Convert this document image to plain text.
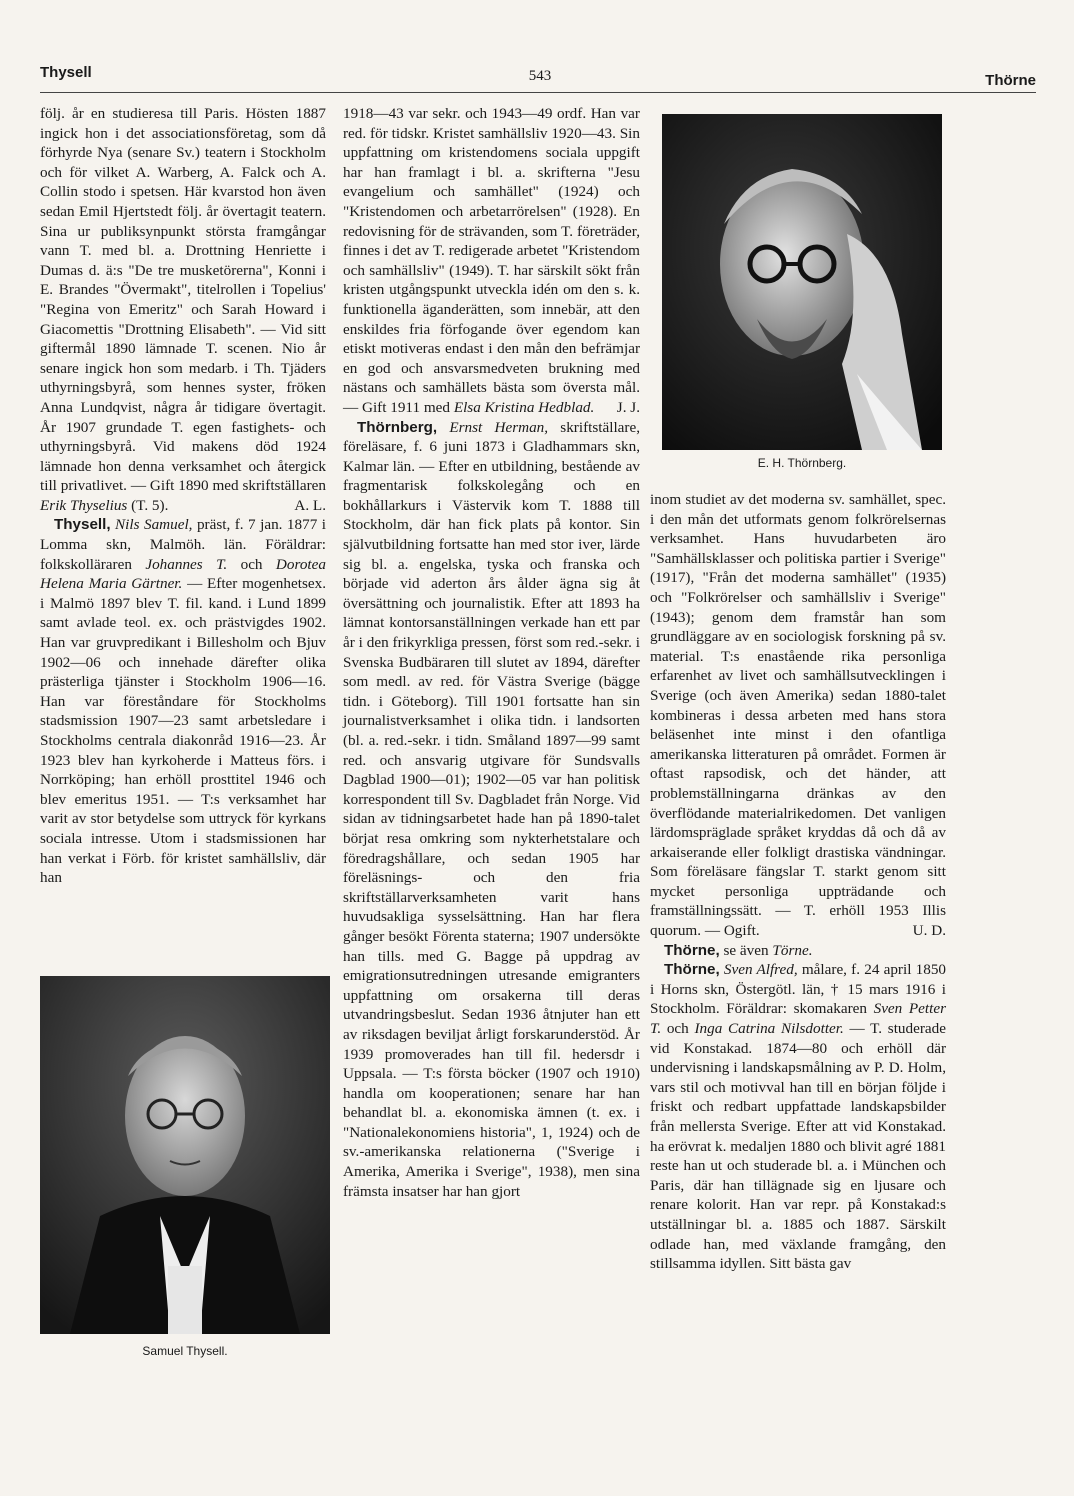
Thysell	543	Thörne

följ. år en studieresa till Paris. Hösten 1887 ingick hon i det associationsföretag, som då förhyrde Nya (senare Sv.) teatern i Stockholm och för vilket A. Warberg, A. Falck och A. Collin stodo i spetsen. Här kvarstod hon även sedan Emil Hjertstedt följ. år övertagit teatern. Sina ur publiksynpunkt största framgångar vann T. med bl. a. Drottning Henriette i Dumas d. ä:s "De tre musketörerna", Konni i E. Brandes "Övermakt", titelrollen i Topelius' "Regina von Emeritz" och Sarah Howard i Giacomettis "Drottning Elisabeth". — Vid sitt giftermål 1890 lämnade T. scenen. Nio år senare ingick hon som medarb. i Th. Tjäders uthyrningsbyrå, som hennes syster, fröken Anna Lundqvist, några år tidigare övertagit. År 1907 grundade T. egen fastighets- och uthyrningsbyrå. Vid makens död 1924 lämnade hon denna verksamhet och återgick till privatlivet. — Gift 1890 med skriftställaren Erik Thyselius (T. 5).	A. L.

Thysell, Nils Samuel, präst, f. 7 jan. 1877 i Lomma skn, Malmöh. län. Föräldrar: folkskolläraren Johannes T. och Dorotea Helena Maria Gärtner. — Efter mogenhetsex. i Malmö 1897 blev T. fil. kand. i Lund 1899 samt avlade teol. ex. och prästvigdes 1902. Han var gruvpredikant i Billesholm och Bjuv 1902—06 och innehade därefter olika prästerliga tjänster i Stockholm 1906—16. Han var föreståndare för Stockholms stadsmission 1907—23 samt arbetsledare i Stockholms centrala diakonråd 1916—23. År 1923 blev han kyrkoherde i Matteus förs. i Norrköping; han erhöll prosttitel 1946 och blev emeritus 1951. — T:s verksamhet har varit av stor betydelse som uttryck för kyrkans sociala intresse. Utom i stadsmissionen har han verkat i Förb. för kristet samhällsliv, där han

Samuel Thysell.

1918—43 var sekr. och 1943—49 ordf. Han var red. för tidskr. Kristet samhällsliv 1920—43. Sin uppfattning om kristendomens sociala uppgift har han framlagt i bl. a. skrifterna "Jesu evangelium och samhället" (1924) och "Kristendomen och arbetarrörelsen" (1928). En redovisning för de strävanden, som T. företräder, finnes i det av T. redigerade arbetet "Kristendom och samhällsliv" (1949). T. har särskilt sökt från kristen utgångspunkt utveckla idén om den s. k. funktionella äganderätten, som innebär, att den enskildes fria förfogande över egendom kan etiskt motiveras endast i den mån den befrämjar en god och ansvarsmedveten brukning med nästans och samhällets bästa som översta mål. — Gift 1911 med Elsa Kristina Hedblad. J. J.

Thörnberg, Ernst Herman, skriftställare, föreläsare, f. 6 juni 1873 i Gladhammars skn, Kalmar län. — Efter en utbildning, bestående av fragmentarisk folkskolegång och en bokhållarkurs i Västervik kom T. 1888 till Stockholm, där han fick plats på kontor. Sin självutbildning fortsatte han med stor iver, lärde sig bl. a. engelska, tyska och franska och började vid aderton års ålder ägna sig åt översättning och journalistik. Efter att 1893 ha lämnat kontorsanställningen verkade han ett par år i den frikyrkliga pressen, först som red.-sekr. i Svenska Budbäraren till slutet av 1894, därefter som medl. av red. för Västra Sverige (bägge tidn. i Göteborg). Till 1901 fortsatte han sin journalistverksamhet i olika tidn. i landsorten (bl. a. red.-sekr. i tidn. Småland 1897—99 samt red. och ansvarig utgivare för Sundsvalls Dagblad 1900—01); 1902—05 var han politisk korrespondent till Sv. Dagbladet från Norge. Vid sidan av tidningsarbetet hade han på 1890-talet börjat resa omkring som nykterhetstalare och föredragshållare, och sedan 1905 har föreläsnings- och den fria skriftställarverksamheten varit hans huvudsakliga sysselsättning. Han har flera gånger besökt Förenta staterna; 1907 undersökte han tills. med G. Bagge på uppdrag av emigrationsutredningen utresande emigranters uppfattning om orsakerna till deras utvandringsbeslut. Sedan 1936 åtnjuter han ett av riksdagen beviljat årligt forskarunderstöd. År 1939 promoverades han till fil. hedersdr i Uppsala. — T:s första böcker (1907 och 1910) handla om kooperationen; senare har han behandlat bl. a. ekonomiska ämnen (t. ex. i "Nationalekonomiens historia", 1, 1924) och de sv.-amerikanska relationerna ("Sverige i Amerika, Amerika i Sverige", 1938), men sina främsta insatser har han gjort

E. H. Thörnberg.

inom studiet av det moderna sv. samhället, spec. i den mån det utformats genom folkrörelsernas verksamhet. Hans huvudarbeten äro "Samhällsklasser och politiska partier i Sverige" (1917), "Från det moderna samhället" (1935) och "Folkrörelser och samhällsliv i Sverige" (1943); genom dem framstår han som grundläggare av en sociologisk forskning på sv. material. T:s enastående rika personliga erfarenhet av livet och samhällsutvecklingen i Sverige (och även Amerika) sedan 1880-talet kombineras i dessa arbeten med hans stora beläsenhet inte minst i den ofantliga amerikanska litteraturen på området. Formen är oftast rapsodisk, och det händer, att problemställningarna dränkas av den överflödande materialrikedomen. Det vanligen lärdomspräglade språket kryddas då och då av arkaiserande eller folkligt drastiska vändningar. Som föreläsare fängslar T. starkt genom sitt mycket personliga uppträdande och framställningssätt. — T. erhöll 1953 Illis quorum. — Ogift.	U. D.

Thörne, se även Törne.

Thörne, Sven Alfred, målare, f. 24 april 1850 i Horns skn, Östergötl. län, † 15 mars 1916 i Stockholm. Föräldrar: skomakaren Sven Petter T. och Inga Catrina Nilsdotter. — T. studerade vid Konstakad. 1874—80 och erhöll där undervisning i landskapsmålning av P. D. Holm, vars stil och motivval han till en början följde i friskt och redbart uppfattade landskapsbilder från mellersta Sverige. Efter att vid Konstakad. ha erövrat k. medaljen 1880 och blivit agré 1881 reste han ut och studerade bl. a. i München och Paris, där han tillägnade sig en ljusare och renare kolorit. Han var repr. på Konstakad:s utställningar bl. a. 1885 och 1887. Särskilt odlade han, med växlande framgång, den stillsamma idyllen. Sitt bästa gav
